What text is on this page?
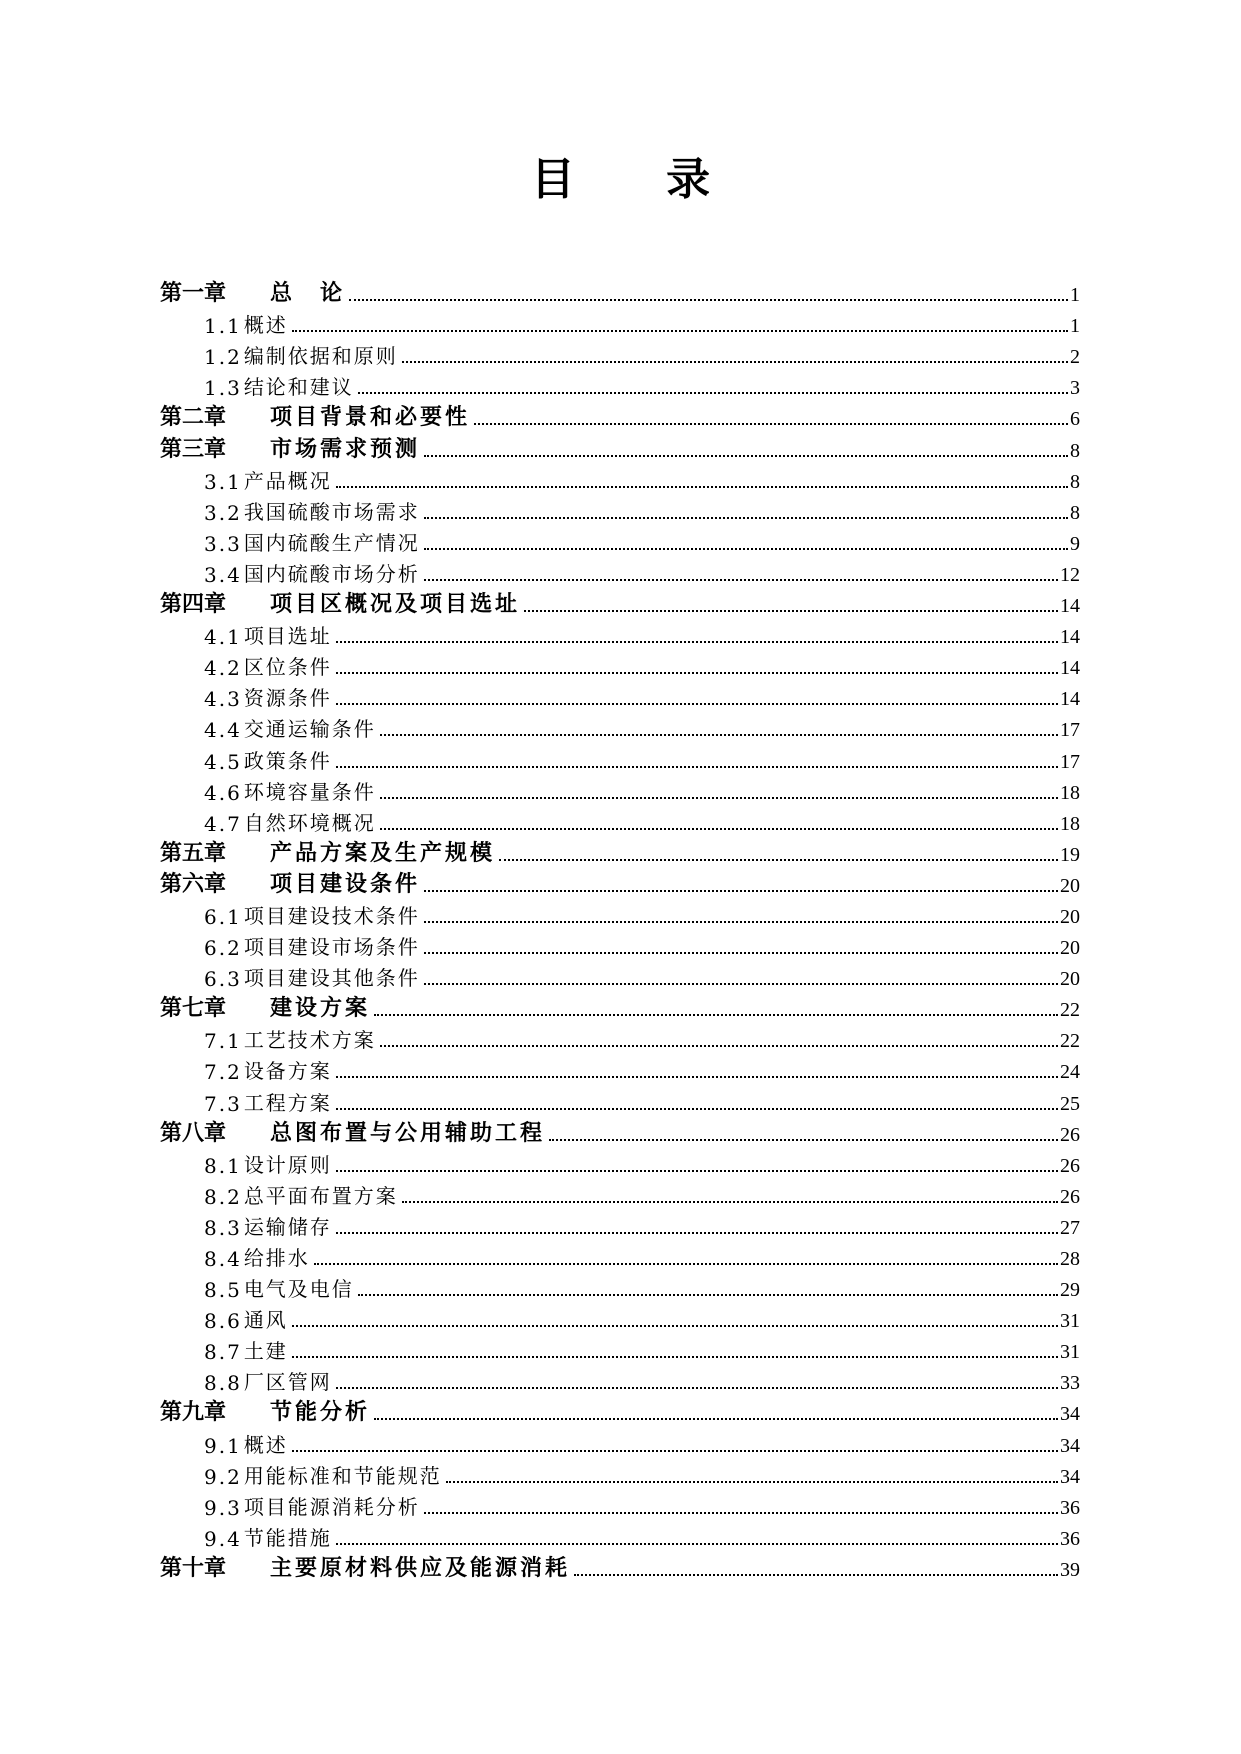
目 录
第一章	总　论	1
1.1 概述	1
1.2 编制依据和原则	2
1.3 结论和建议	3
第二章	项目背景和必要性	6
第三章	市场需求预测	8
3.1 产品概况	8
3.2 我国硫酸市场需求	8
3.3 国内硫酸生产情况	9
3.4 国内硫酸市场分析	12
第四章	项目区概况及项目选址	14
4.1 项目选址	14
4.2 区位条件	14
4.3 资源条件	14
4.4 交通运输条件	17
4.5 政策条件	17
4.6 环境容量条件	18
4.7 自然环境概况	18
第五章	产品方案及生产规模	19
第六章	项目建设条件	20
6.1 项目建设技术条件	20
6.2 项目建设市场条件	20
6.3 项目建设其他条件	20
第七章	建设方案	22
7.1 工艺技术方案	22
7.2 设备方案	24
7.3 工程方案	25
第八章	总图布置与公用辅助工程	26
8.1 设计原则	26
8.2 总平面布置方案	26
8.3 运输储存	27
8.4 给排水	28
8.5 电气及电信	29
8.6 通风	31
8.7 土建	31
8.8 厂区管网	33
第九章	节能分析	34
9.1 概述	34
9.2 用能标准和节能规范	34
9.3 项目能源消耗分析	36
9.4 节能措施	36
第十章	主要原材料供应及能源消耗	39
